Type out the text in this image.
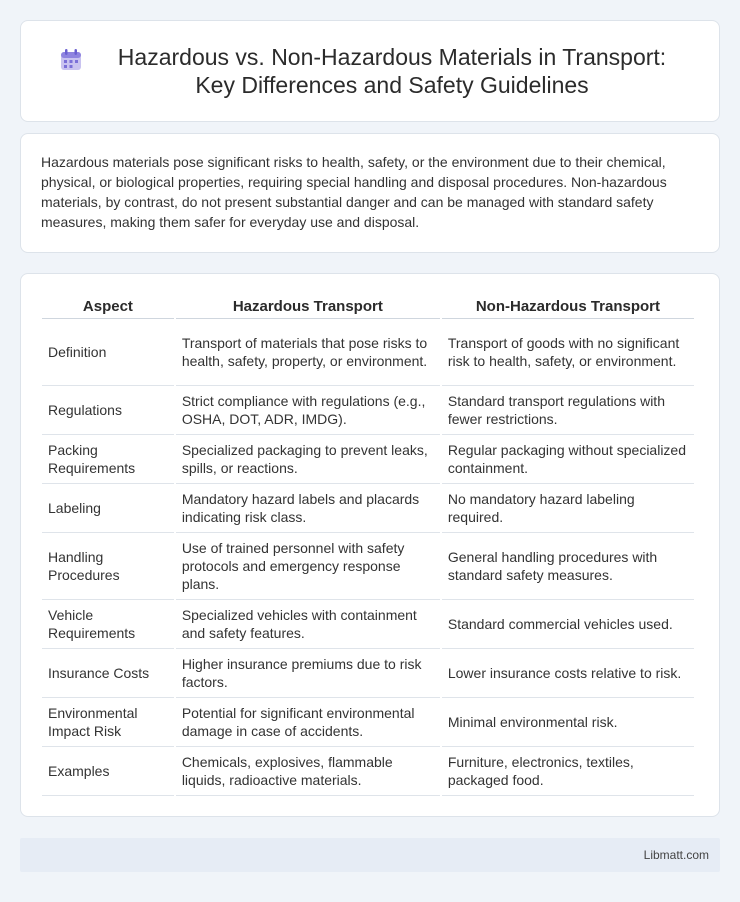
Hazardous vs. Non-Hazardous Materials in Transport: Key Differences and Safety Guidelines

Hazardous materials pose significant risks to health, safety, or the environment due to their chemical, physical, or biological properties, requiring special handling and disposal procedures. Non-hazardous materials, by contrast, do not present substantial danger and can be managed with standard safety measures, making them safer for everyday use and disposal.

Aspect	Hazardous Transport	Non-Hazardous Transport
Definition	Transport of materials that pose risks to health, safety, property, or environment.	Transport of goods with no significant risk to health, safety, or environment.
Regulations	Strict compliance with regulations (e.g., OSHA, DOT, ADR, IMDG).	Standard transport regulations with fewer restrictions.
Packing Requirements	Specialized packaging to prevent leaks, spills, or reactions.	Regular packaging without specialized containment.
Labeling	Mandatory hazard labels and placards indicating risk class.	No mandatory hazard labeling required.
Handling Procedures	Use of trained personnel with safety protocols and emergency response plans.	General handling procedures with standard safety measures.
Vehicle Requirements	Specialized vehicles with containment and safety features.	Standard commercial vehicles used.
Insurance Costs	Higher insurance premiums due to risk factors.	Lower insurance costs relative to risk.
Environmental Impact Risk	Potential for significant environmental damage in case of accidents.	Minimal environmental risk.
Examples	Chemicals, explosives, flammable liquids, radioactive materials.	Furniture, electronics, textiles, packaged food.
Libmatt.com
